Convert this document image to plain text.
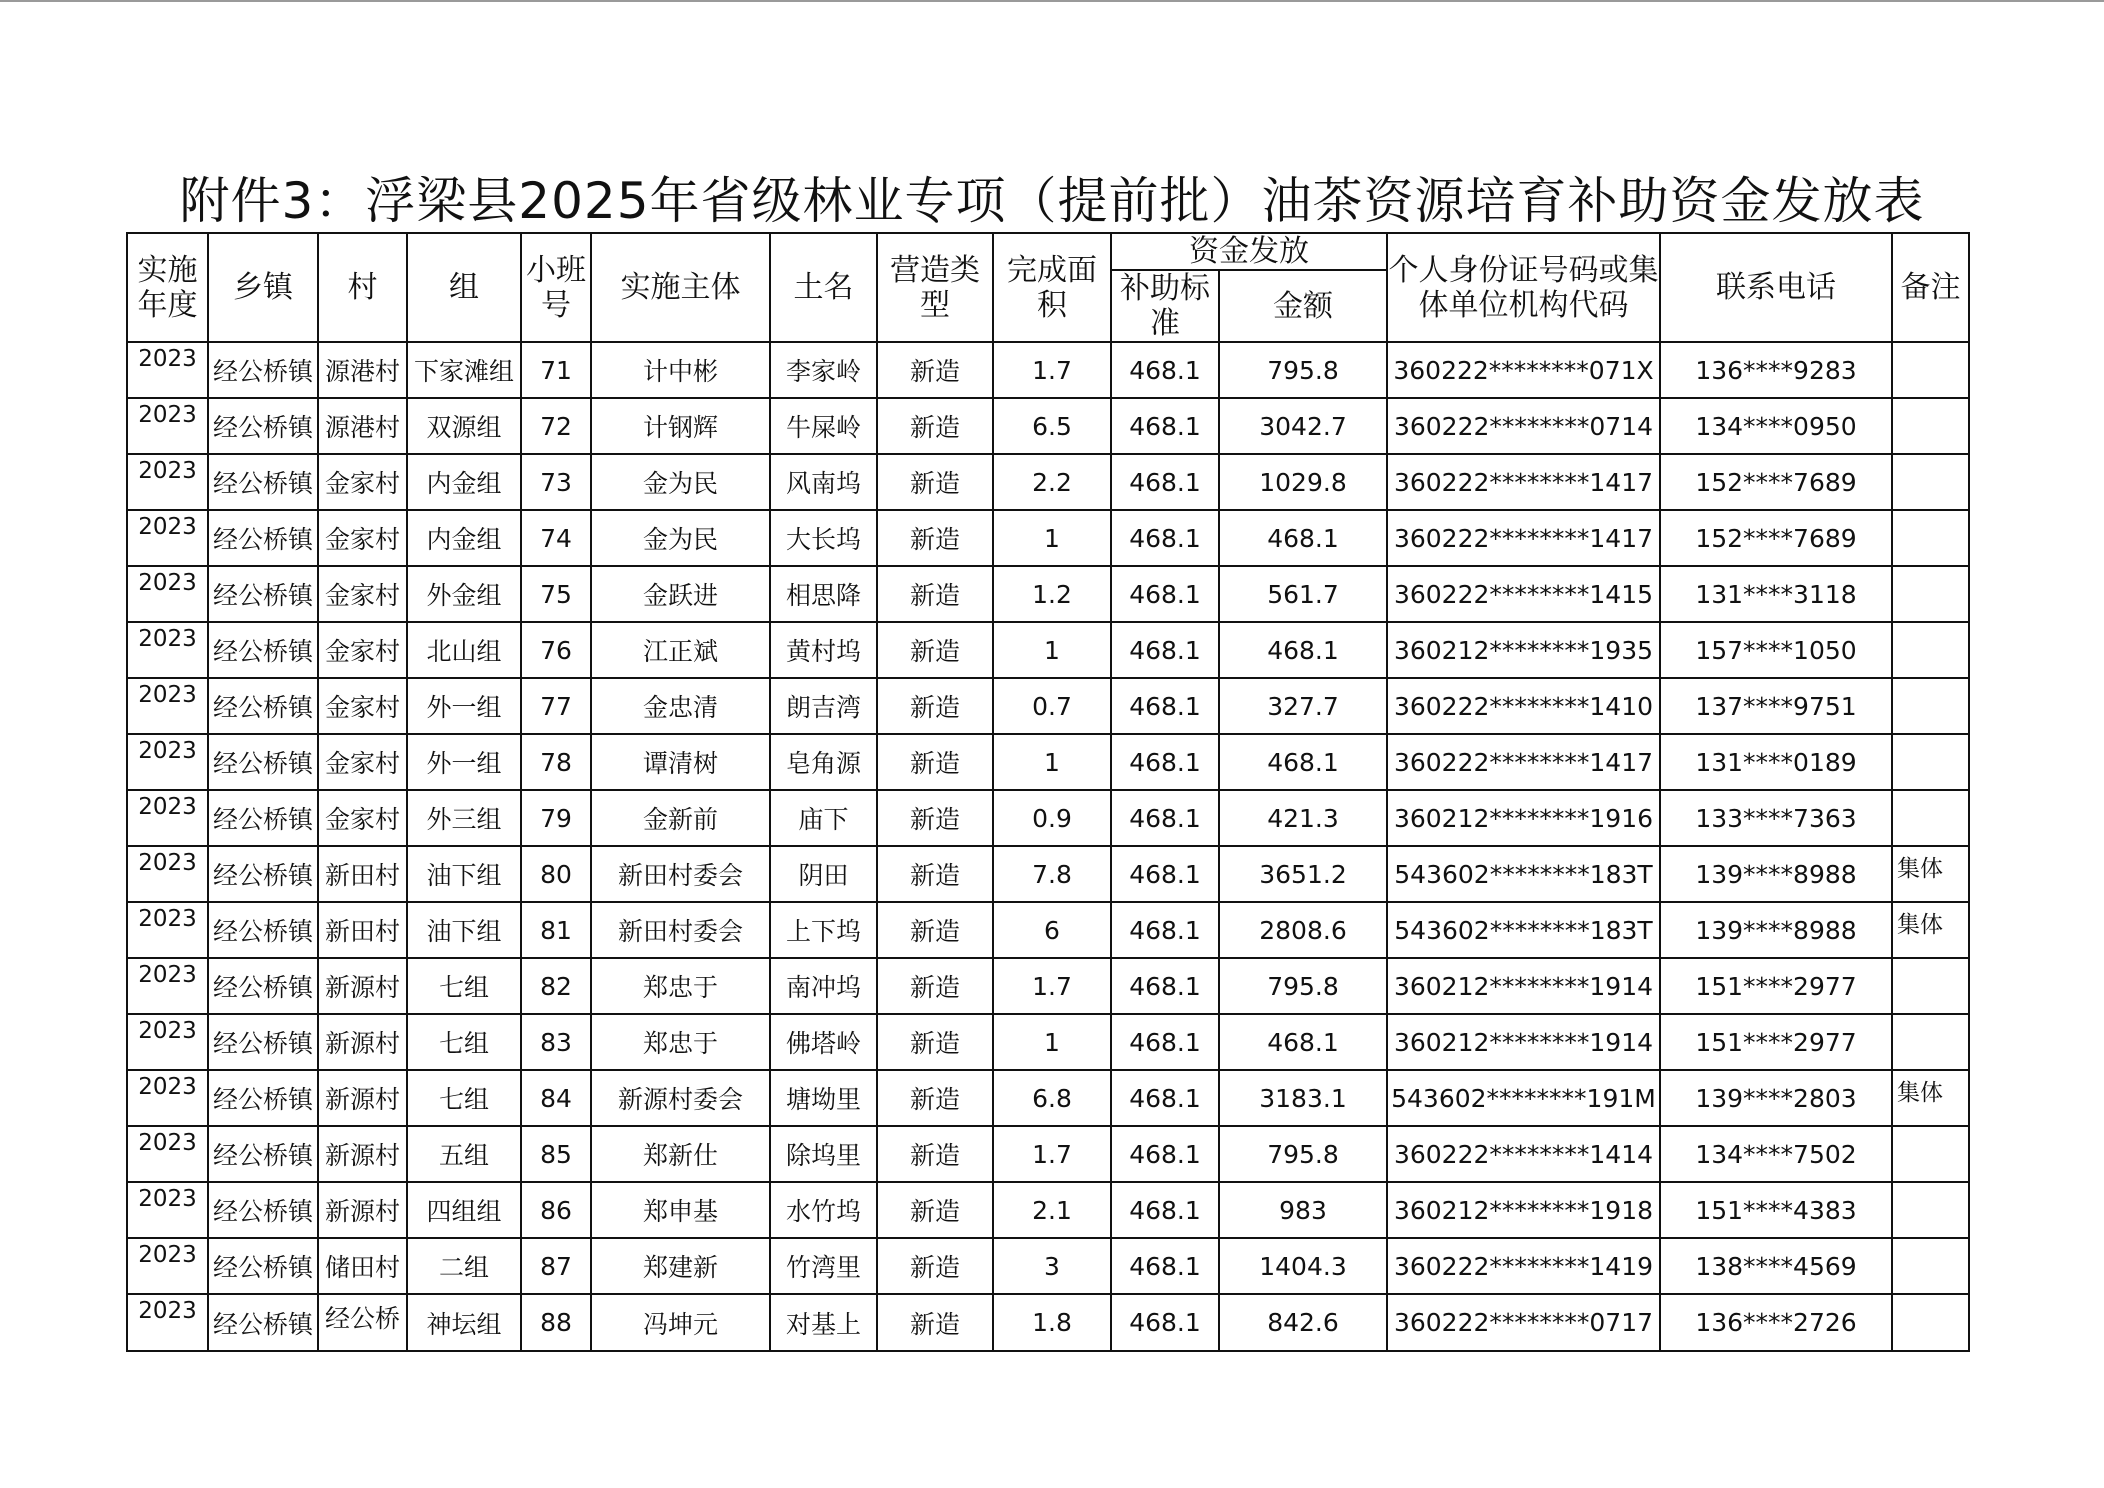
附件3：浮梁县2025年省级林业专项（提前批）油茶资源培育补助资金发放表
实施年度	乡镇	村	组	小班号	实施主体	土名	营造类型	完成面积	资金发放		个人身份证号码或集体单位机构代码	联系电话	备注
									补助标准	金额			
2023	经公桥镇	源港村	下家滩组	71	计中彬	李家岭	新造	1.7	468.1	795.8	360222********071X	136****9283	
2023	经公桥镇	源港村	双源组	72	计钢辉	牛屎岭	新造	6.5	468.1	3042.7	360222********0714	134****0950	
2023	经公桥镇	金家村	内金组	73	金为民	风南坞	新造	2.2	468.1	1029.8	360222********1417	152****7689	
2023	经公桥镇	金家村	内金组	74	金为民	大长坞	新造	1	468.1	468.1	360222********1417	152****7689	
2023	经公桥镇	金家村	外金组	75	金跃进	相思降	新造	1.2	468.1	561.7	360222********1415	131****3118	
2023	经公桥镇	金家村	北山组	76	江正斌	黄村坞	新造	1	468.1	468.1	360212********1935	157****1050	
2023	经公桥镇	金家村	外一组	77	金忠清	朗吉湾	新造	0.7	468.1	327.7	360222********1410	137****9751	
2023	经公桥镇	金家村	外一组	78	谭清树	皂角源	新造	1	468.1	468.1	360222********1417	131****0189	
2023	经公桥镇	金家村	外三组	79	金新前	庙下	新造	0.9	468.1	421.3	360212********1916	133****7363	
2023	经公桥镇	新田村	油下组	80	新田村委会	阴田	新造	7.8	468.1	3651.2	543602********183T	139****8988	集体
2023	经公桥镇	新田村	油下组	81	新田村委会	上下坞	新造	6	468.1	2808.6	543602********183T	139****8988	集体
2023	经公桥镇	新源村	七组	82	郑忠于	南冲坞	新造	1.7	468.1	795.8	360212********1914	151****2977	
2023	经公桥镇	新源村	七组	83	郑忠于	佛塔岭	新造	1	468.1	468.1	360212********1914	151****2977	
2023	经公桥镇	新源村	七组	84	新源村委会	塘坳里	新造	6.8	468.1	3183.1	543602********191M	139****2803	集体
2023	经公桥镇	新源村	五组	85	郑新仕	除坞里	新造	1.7	468.1	795.8	360222********1414	134****7502	
2023	经公桥镇	新源村	四组组	86	郑申基	水竹坞	新造	2.1	468.1	983	360212********1918	151****4383	
2023	经公桥镇	储田村	二组	87	郑建新	竹湾里	新造	3	468.1	1404.3	360222********1419	138****4569	
2023	经公桥镇	经公桥	神坛组	88	冯坤元	对基上	新造	1.8	468.1	842.6	360222********0717	136****2726	
